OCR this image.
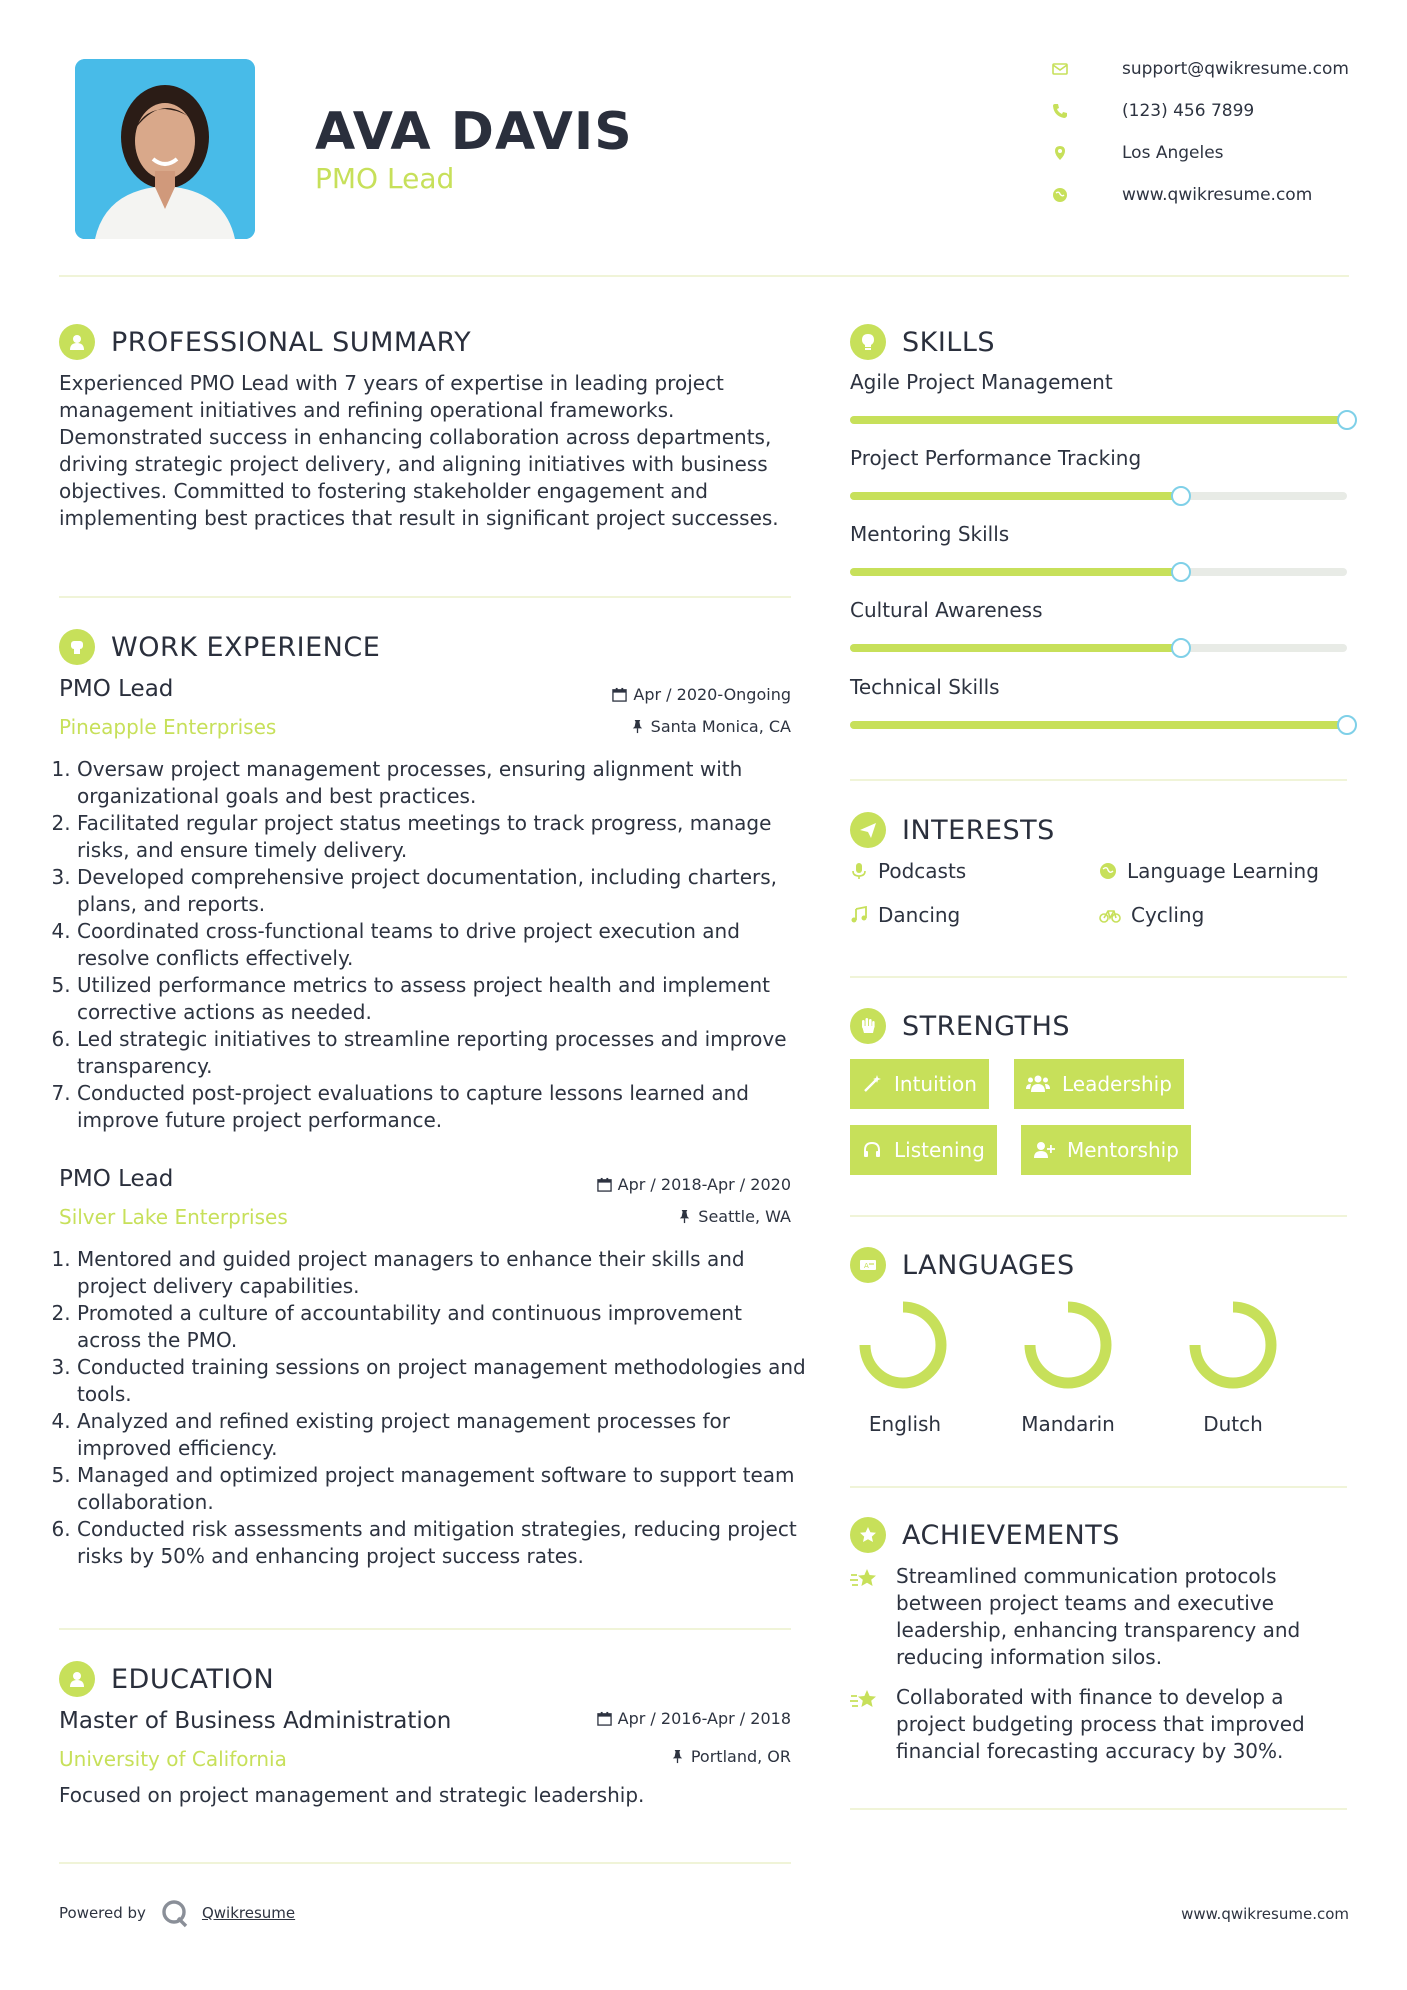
AVA DAVIS
PMO Lead
support@qwikresume.com
(123) 456 7899
Los Angeles
www.qwikresume.com
PROFESSIONAL SUMMARY
Experienced PMO Lead with 7 years of expertise in leading project management initiatives and refining operational frameworks. Demonstrated success in enhancing collaboration across departments, driving strategic project delivery, and aligning initiatives with business objectives. Committed to fostering stakeholder engagement and implementing best practices that result in significant project successes.
WORK EXPERIENCE
PMO Lead	Apr / 2020-Ongoing
Pineapple Enterprises	Santa Monica, CA
1. Oversaw project management processes, ensuring alignment with organizational goals and best practices.
2. Facilitated regular project status meetings to track progress, manage risks, and ensure timely delivery.
3. Developed comprehensive project documentation, including charters, plans, and reports.
4. Coordinated cross-functional teams to drive project execution and resolve conflicts effectively.
5. Utilized performance metrics to assess project health and implement corrective actions as needed.
6. Led strategic initiatives to streamline reporting processes and improve transparency.
7. Conducted post-project evaluations to capture lessons learned and improve future project performance.
PMO Lead	Apr / 2018-Apr / 2020
Silver Lake Enterprises	Seattle, WA
1. Mentored and guided project managers to enhance their skills and project delivery capabilities.
2. Promoted a culture of accountability and continuous improvement across the PMO.
3. Conducted training sessions on project management methodologies and tools.
4. Analyzed and refined existing project management processes for improved efficiency.
5. Managed and optimized project management software to support team collaboration.
6. Conducted risk assessments and mitigation strategies, reducing project risks by 50% and enhancing project success rates.
EDUCATION
Master of Business Administration	Apr / 2016-Apr / 2018
University of California	Portland, OR
Focused on project management and strategic leadership.
SKILLS
Agile Project Management
Project Performance Tracking
Mentoring Skills
Cultural Awareness
Technical Skills
INTERESTS
Podcasts	Language Learning
Dancing	Cycling
STRENGTHS
Intuition	Leadership
Listening	Mentorship
A LANGUAGES
English	Mandarin	Dutch
ACHIEVEMENTS
Streamlined communication protocols between project teams and executive leadership, enhancing transparency and reducing information silos.
Collaborated with finance to develop a project budgeting process that improved financial forecasting accuracy by 30%.
Powered by	Qwikresume	www.qwikresume.com
